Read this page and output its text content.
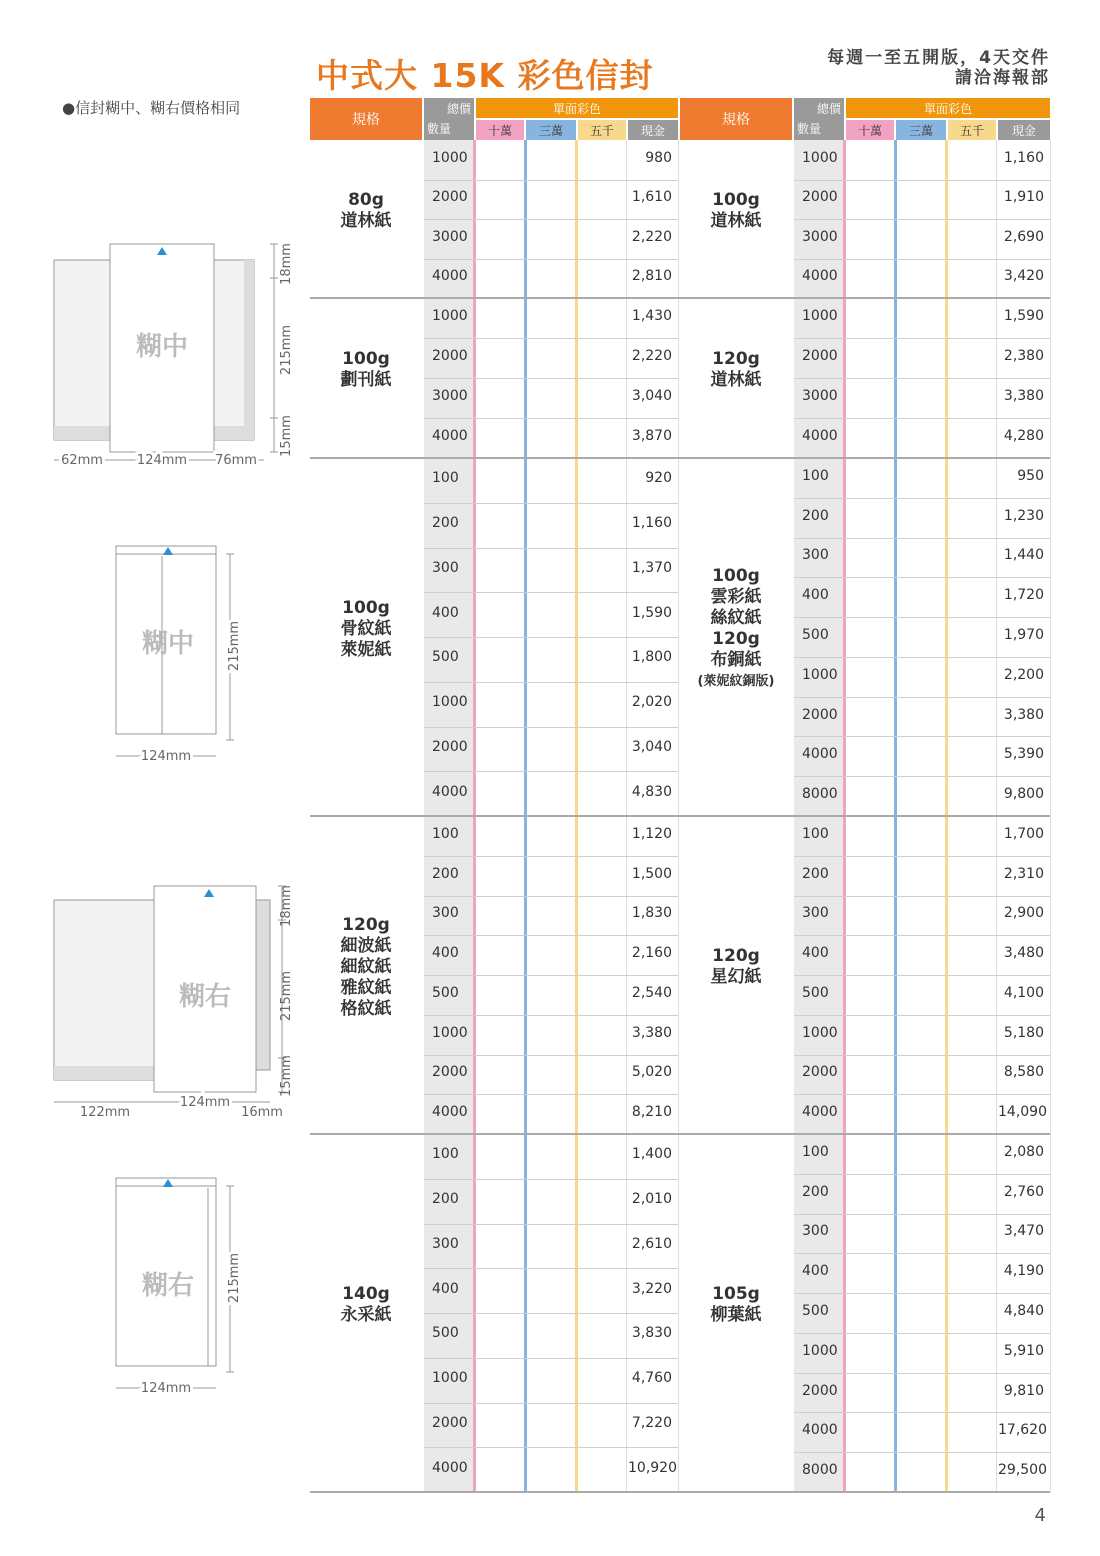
中式大 15K 彩色信封	每週一至五開版，4天交件
請洽海報部
●信封糊中、糊右價格相同
糊中
18mm
215mm
15mm
62mm	124mm 76mm
糊中	215mm
124mm
糊右
18mm
215mm
15mm
122mm
124mm
16mm
糊右	215mm
124mm
規格
總價
數量
單面彩色
十萬	三萬	五千	現金
規格
總價
數量
單面彩色
十萬	三萬	五千	現金
80g
道林紙
1000	980
2000	1,610
3000	2,220
4000	2,810
100g
道林紙
1000	1,160
2000	1,910
3000	2,690
4000	3,420
100g
劃刊紙
1000	1,430
2000	2,220
3000	3,040
4000	3,870
120g
道林紙
1000	1,590
2000	2,380
3000	3,380
4000	4,280
100g
骨紋紙
萊妮紙
100	920
200	1,160
300	1,370
400	1,590
500	1,800
1000	2,020
2000	3,040
4000	4,830
100g
雲彩紙
絲紋紙
120g
布銅紙
(萊妮紋銅版)
100	950
200	1,230
300	1,440
400	1,720
500	1,970
1000	2,200
2000	3,380
4000	5,390
8000	9,800
120g
細波紙
細紋紙
雅紋紙
格紋紙
100	1,120
200	1,500
300	1,830
400	2,160
500	2,540
1000	3,380
2000	5,020
4000	8,210
120g
星幻紙
100	1,700
200	2,310
300	2,900
400	3,480
500	4,100
1000	5,180
2000	8,580
4000	14,090
140g
永采紙
100	1,400
200	2,010
300	2,610
400	3,220
500	3,830
1000	4,760
2000	7,220
4000	10,920
105g
柳葉紙
100	2,080
200	2,760
300	3,470
400	4,190
500	4,840
1000	5,910
2000	9,810
4000	17,620
8000	29,500
4
